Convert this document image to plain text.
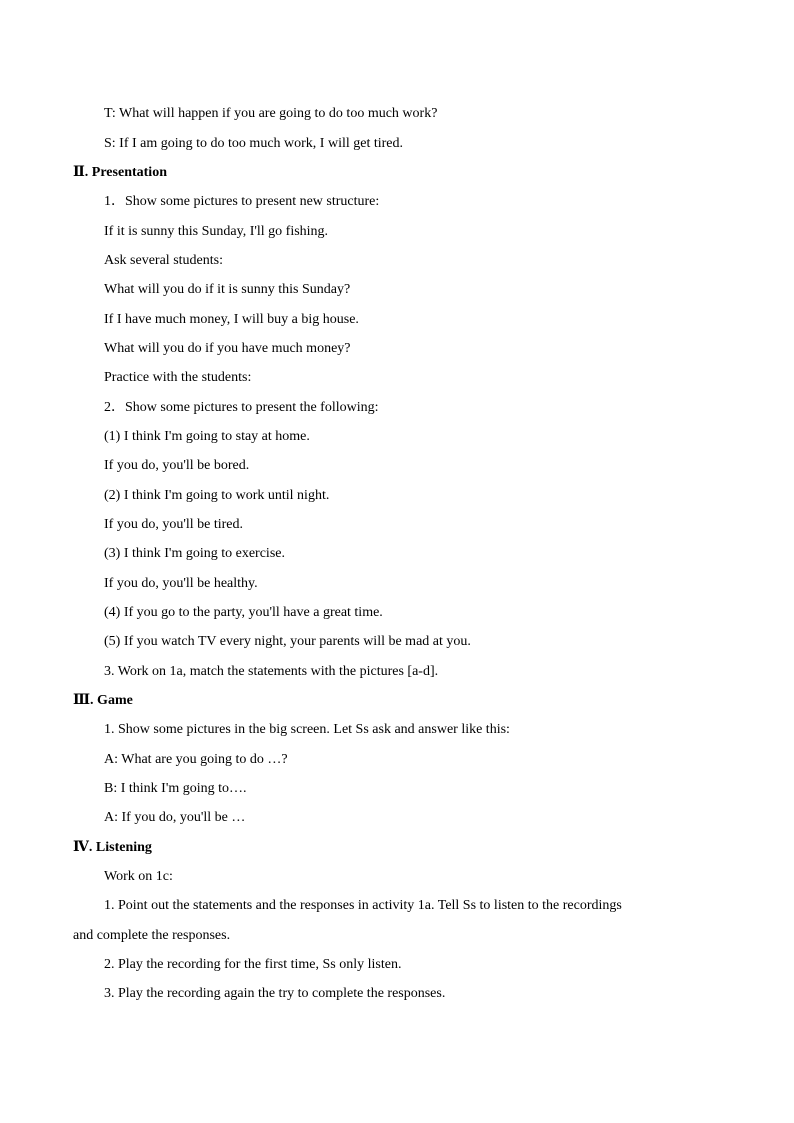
T: What will happen if you are going to do too much work?
S: If I am going to do too much work, I will get tired.
Ⅱ. Presentation
1．Show some pictures to present new structure:
If it is sunny this Sunday, I'll go fishing.
Ask several students:
What will you do if it is sunny this Sunday?
If I have much money, I will buy a big house.
What will you do if you have much money?
Practice with the students:
2．Show some pictures to present the following:
(1) I think I'm going to stay at home.
If you do, you'll be bored.
(2) I think I'm going to work until night.
If you do, you'll be tired.
(3) I think I'm going to exercise.
If you do, you'll be healthy.
(4) If you go to the party, you'll have a great time.
(5) If you watch TV every night, your parents will be mad at you.
3. Work on 1a, match the statements with the pictures [a-d].
Ⅲ. Game
1. Show some pictures in the big screen. Let Ss ask and answer like this:
A: What are you going to do …?
B: I think I'm going to….
A: If you do, you'll be …
Ⅳ. Listening
Work on 1c:
1. Point out the statements and the responses in activity 1a. Tell Ss to listen to the recordings
and complete the responses.
2. Play the recording for the first time, Ss only listen.
3. Play the recording again the try to complete the responses.
